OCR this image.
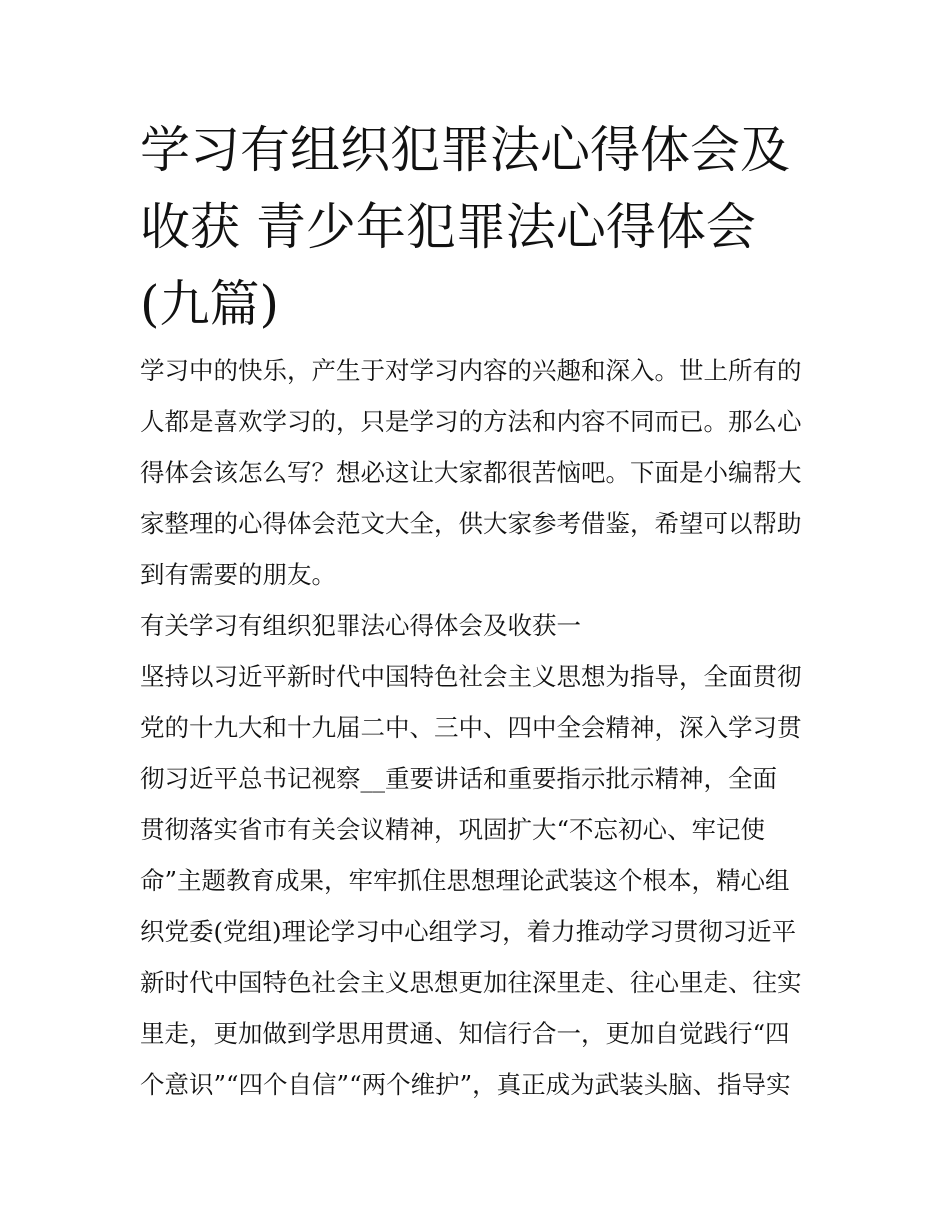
学习有组织犯罪法心得体会及
收获 青少年犯罪法心得体会
(九篇)
学习中的快乐，产生于对学习内容的兴趣和深入。世上所有的
人都是喜欢学习的，只是学习的方法和内容不同而已。那么心
得体会该怎么写？想必这让大家都很苦恼吧。下面是小编帮大
家整理的心得体会范文大全，供大家参考借鉴，希望可以帮助
到有需要的朋友。
有关学习有组织犯罪法心得体会及收获一
坚持以习近平新时代中国特色社会主义思想为指导，全面贯彻
党的十九大和十九届二中、三中、四中全会精神，深入学习贯
彻习近平总书记视察__重要讲话和重要指示批示精神，全面
贯彻落实省市有关会议精神，巩固扩大“不忘初心、牢记使
命”主题教育成果，牢牢抓住思想理论武装这个根本，精心组
织党委(党组)理论学习中心组学习，着力推动学习贯彻习近平
新时代中国特色社会主义思想更加往深里走、往心里走、往实
里走，更加做到学思用贯通、知信行合一，更加自觉践行“四
个意识”“四个自信”“两个维护”，真正成为武装头脑、指导实
